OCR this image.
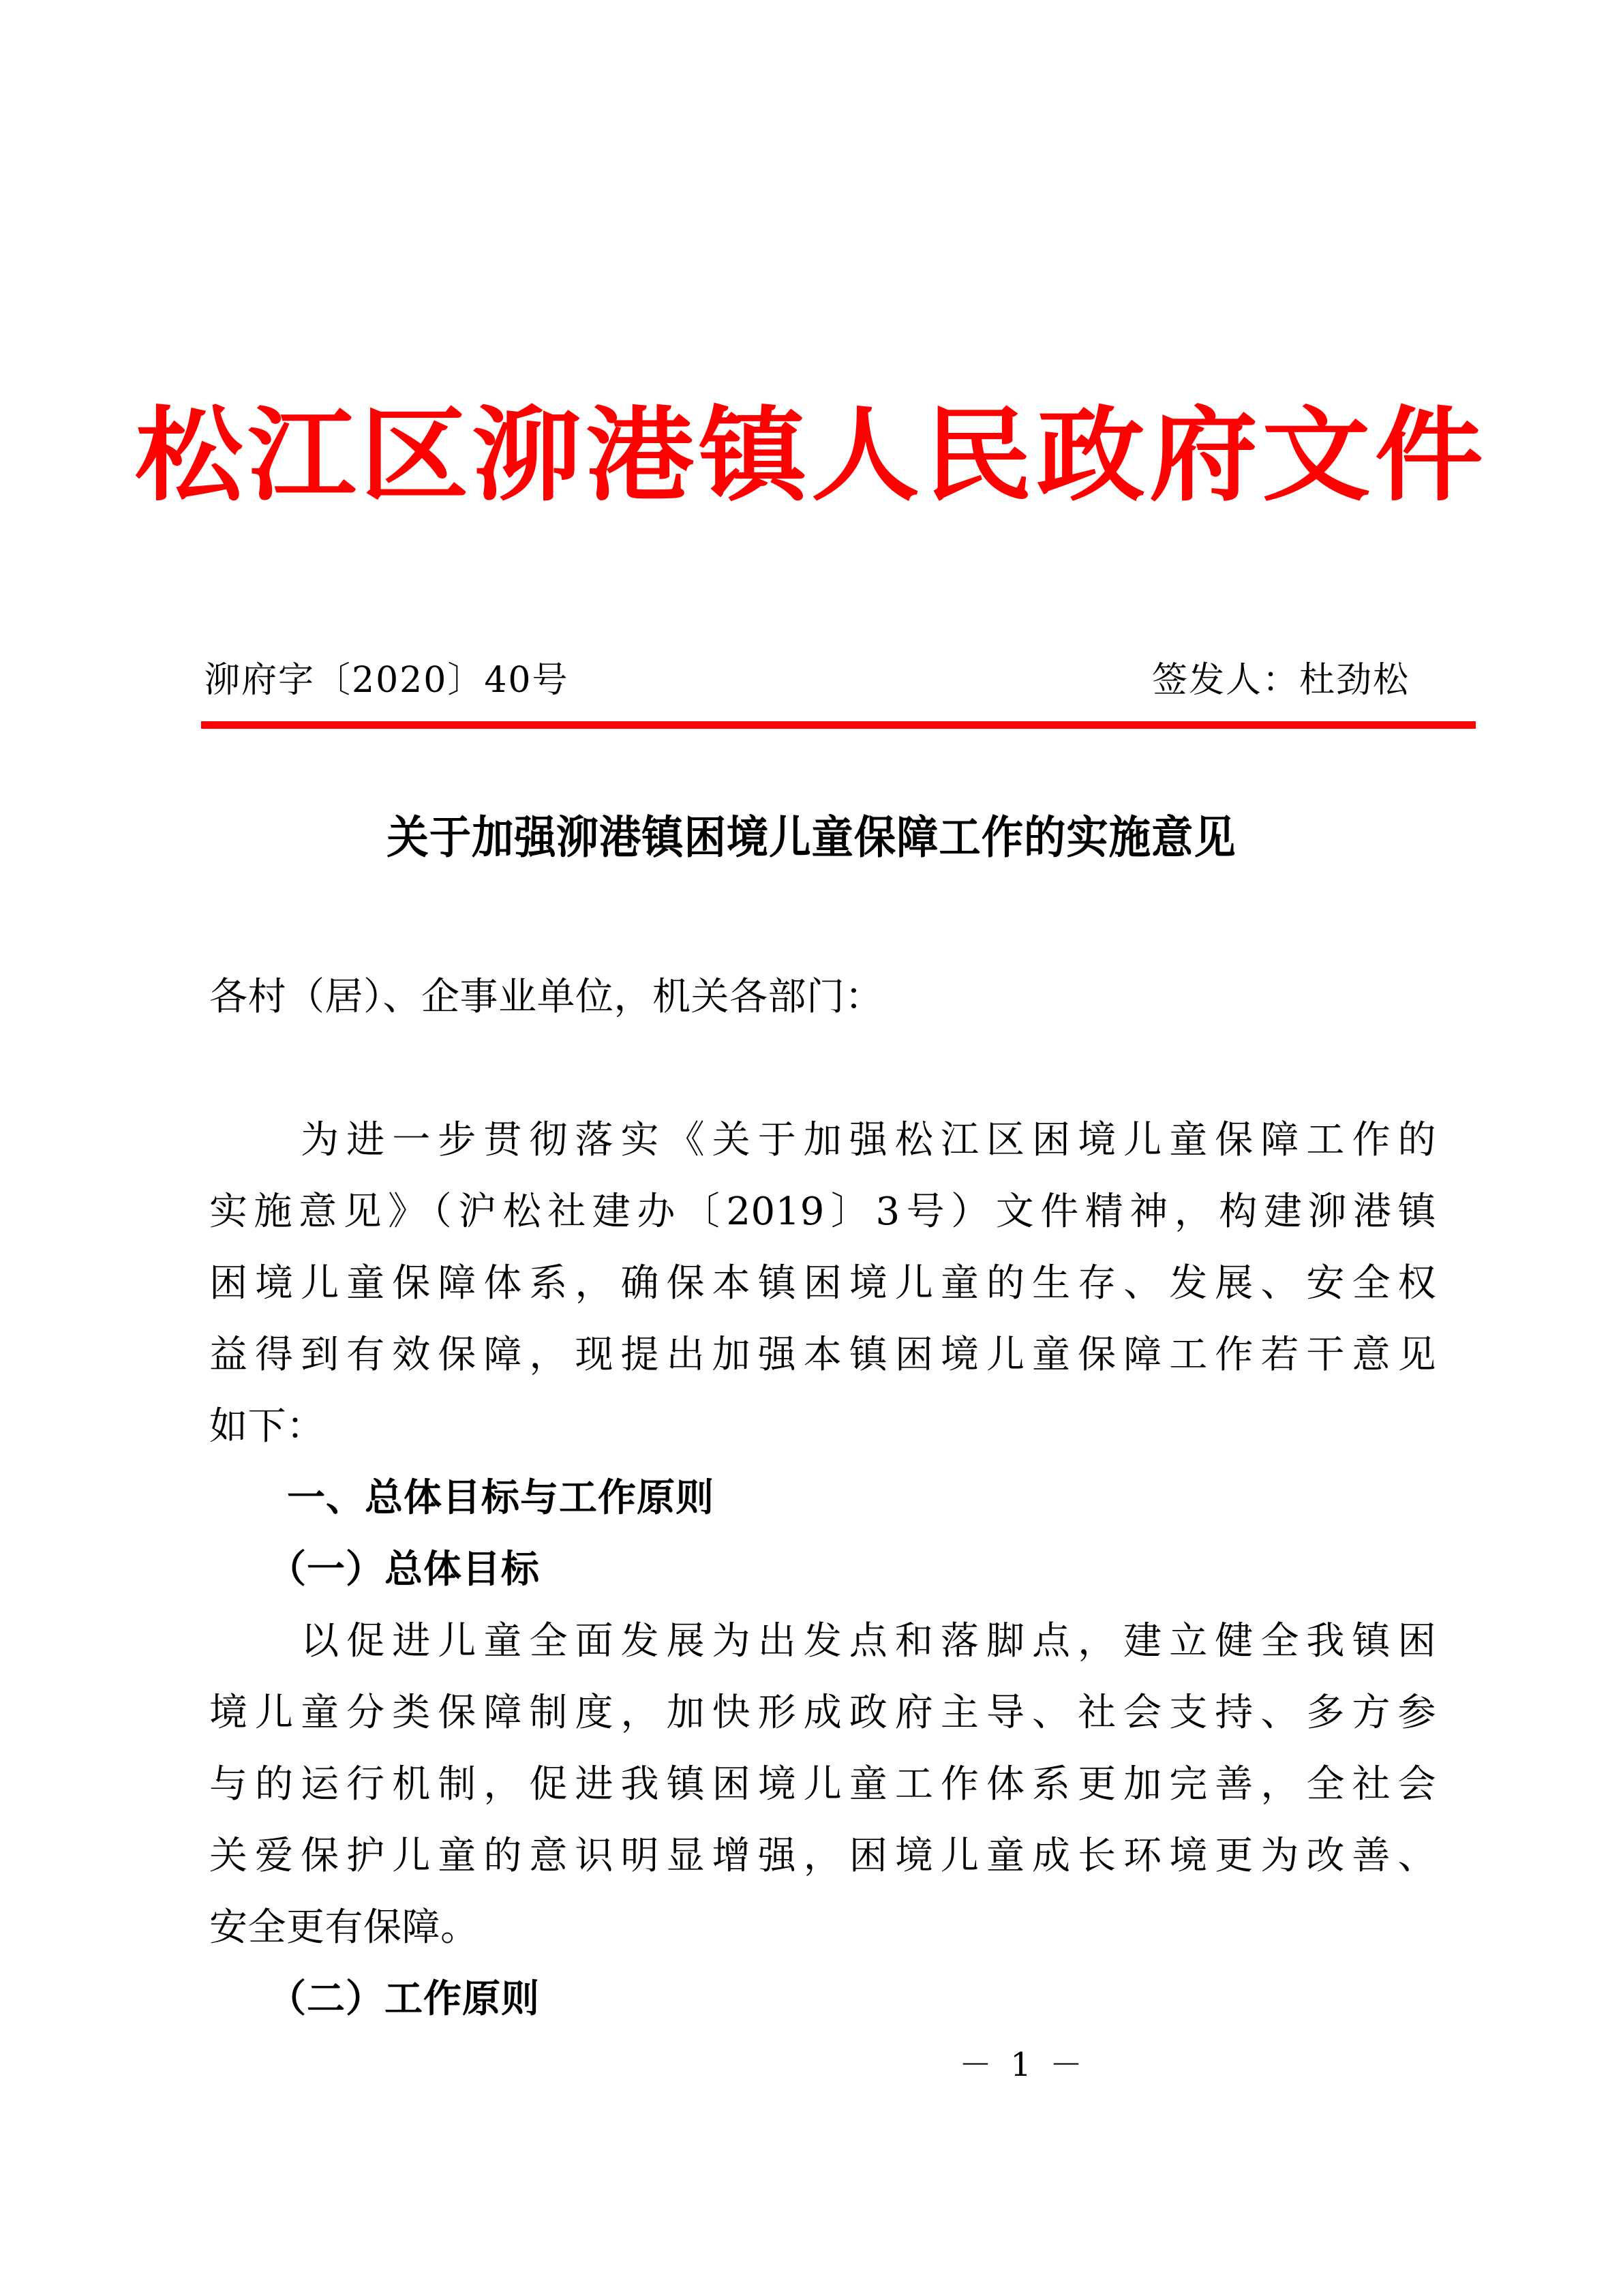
松江区泖港镇人民政府文件
泖府字〔2020〕40号	签发人：杜劲松
关于加强泖港镇困境儿童保障工作的实施意见
各村（居）、企事业单位，机关各部门：
　　为进一步贯彻落实《关于加强松江区困境儿童保障工作的
实施意见》（沪松社建办〔2019〕3号）文件精神，构建泖港镇
困境儿童保障体系，确保本镇困境儿童的生存、发展、安全权
益得到有效保障，现提出加强本镇困境儿童保障工作若干意见
如下：
　　一、总体目标与工作原则
　　（一）总体目标
　　以促进儿童全面发展为出发点和落脚点，建立健全我镇困
境儿童分类保障制度，加快形成政府主导、社会支持、多方参
与的运行机制，促进我镇困境儿童工作体系更加完善，全社会
关爱保护儿童的意识明显增强，困境儿童成长环境更为改善、
安全更有保障。
　　（二）工作原则
－ 1 －
